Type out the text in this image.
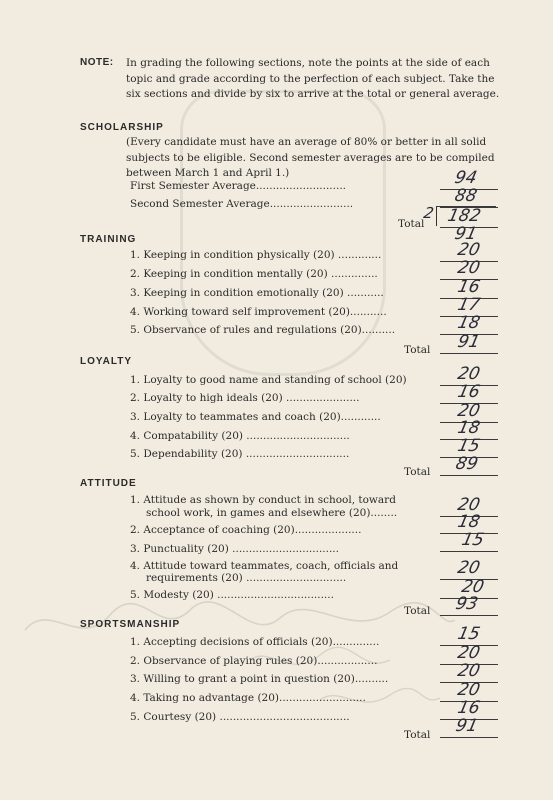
NOTE: In grading the following sections, note the points at the side of each topic and grade according to the perfection of each subject. Take the six sections and divide by six to arrive at the total or general average.
SCHOLARSHIP
(Every candidate must have an average of 80% or better in all solid subjects to be eligible. Second semester averages are to be compiled between March 1 and April 1.)
First Semester Average...........................	94
Second Semester Average.........................	88
Total
2 182
91
TRAINING
1. Keeping in condition physically (20) .............	20
2. Keeping in condition mentally (20) ..............	20
3. Keeping in condition emotionally (20) ...........	16
4. Working toward self improvement (20)...........	17
5. Observance of rules and regulations (20)..........	18
Total 91
LOYALTY
1. Loyalty to good name and standing of school (20)	20
2. Loyalty to high ideals (20) ......................	16
3. Loyalty to teammates and coach (20)............	20
4. Compatability (20) ...............................	18
5. Dependability (20) ...............................	15
Total 89
ATTITUDE
1. Attitude as shown by conduct in school, toward
school work, in games and elsewhere (20)........	20
2. Acceptance of coaching (20)....................	18
3. Punctuality (20) ................................	15
4. Attitude toward teammates, coach, officials and
requirements (20) ..............................	20
5. Modesty (20) ...................................	20
Total 93
SPORTSMANSHIP
1. Accepting decisions of officials (20)..............	15
2. Observance of playing rules (20)..................	20
3. Willing to grant a point in question (20)..........	20
4. Taking no advantage (20)..........................	20
5. Courtesy (20) .......................................	16
Total 91
